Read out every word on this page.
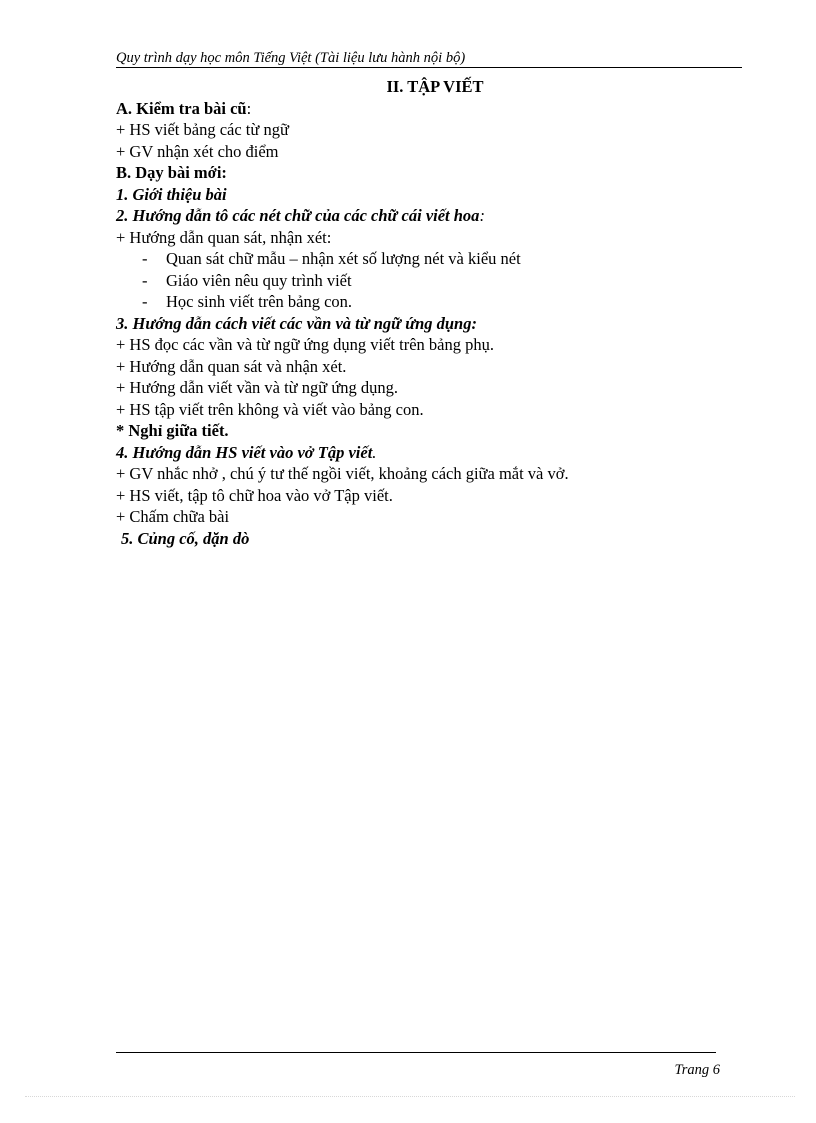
Quy trình dạy học môn Tiếng Việt (Tài liệu lưu hành nội bộ)
II. TẬP VIẾT
A. Kiểm tra bài cũ:
+ HS viết bảng các từ ngữ
+ GV nhận xét cho điểm
B. Dạy bài mới:
1. Giới thiệu bài
2. Hướng dẫn tô các nét chữ của các chữ cái viết hoa:
+ Hướng dẫn quan sát, nhận xét:
- Quan sát chữ mẫu – nhận xét số lượng nét và kiểu nét
- Giáo viên nêu quy trình viết
- Học sinh viết trên bảng con.
3. Hướng dẫn cách viết các vần và từ ngữ ứng dụng:
+ HS đọc các vần và từ ngữ ứng dụng viết trên bảng phụ.
+ Hướng dẫn quan sát và nhận xét.
+ Hướng dẫn viết vần và từ ngữ ứng dụng.
+ HS tập viết trên không và viết vào bảng con.
* Nghỉ giữa tiết.
4. Hướng dẫn HS viết vào vở Tập viết.
+ GV nhắc nhở , chú ý tư thế ngồi viết, khoảng cách giữa mắt và vở.
+ HS viết, tập tô chữ hoa vào vở Tập viết.
+ Chấm chữa bài
5. Củng cố, dặn dò
Trang 6
